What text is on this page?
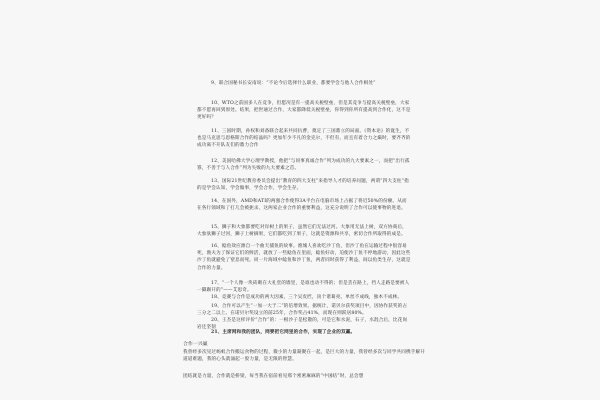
9、联合国秘书长安南说：“不论今后选择什么职业，都要学会与他人合作相处”
10、WTO之前国多人在竞争，但愿况是有一提高关税壁垒，但是其竞争与提高关税壁垒，大家都不愿再回到原处。结果，把世通过合作，大家都降低关税壁垒，你得到你所有提高到合作化，这不是更好吗？
11、三国时期，孙权和刘备联合起来共同抗曹，奠定了三国鼎立的局面。《资本论》的诞生，不也是马克思与恩格斯合作的结晶吗？更加年少不凡的金克尔，不但有，而且有着合力之巅时，要齐齐的成功离不开队友们的鼎力合作
12、美国哈佛大学心理学教授，他把“与同事真诚合作”列为成功的九大要素之一，而把“出行孤寡，不善于与人合作”列为失败的九大要素之首。
13、国际21世纪教育委员会提出“教育的四大支柱”来指导人才的培养问题，两谓“四大支柱”指的是学会认知，学会做事，学会合作，学会生存。
14、在国外，AMD和ATI的两强合作使得3A平台在电脑市场上占据了将近50%的份额。从而在各行领域和了打几会被扼杀，这两家企业合作的重要利益，这充分说明了合作可以使事物的进退。
15、狮子和大象都要吃对岸树上的果子，虽然它们无法过河。大象用无法上树，双方协商后，大象驮狮子过河，狮子上树摘果，它们都吃到了果子，这就是资源和共享，密切合作所取得的成是。
16、鲶鱼效应源自一个曲天捕鱼的故事。渔城人喜欢吃沙丁鱼，但沙丁鱼在运输过程中很容易死，渔夫为了保证它们的鲜活，就放了一些鲶鱼在里面，鲶鱼好动，迫使沙丁鱼不停地游动，因此这些沙丁鱼就避免了窒息而死。同一片海域中鲶鱼和沙丁鱼，两者同时获得了利益，间以鱼类生存，这就是合作的力量。
17、“一个人像一块砖砌在大礼堂的墙里，是谁也动不得的；但是丢在路上，挡人走路是要被人一脚踢开的”——艾思奇。
18、竞赛与合作是成功的两大因素，三个吴皮匠，顶个诸葛亮。单丝不成线，独木不成林。
19、合作可以产生“一加一大于二”的倍增效果。据统计，诺贝尔获奖项目中，因协作获奖的占三分之二以上。在诺贝尔奖设立的前25年，合作奖占41%，而现在则跃居80%。
20、王杰是这样评价“合作”的：一根沙子是松散的，可是它和水泥，石子，水混合后，比花岗岩还坚韧
21、主席网和我的团队，网要把它网里的合作，实现了企业的双赢。
合作一兴赢
我曾经多次见过蚂蚁合作搬运食物的过程，微小的力量凝聚在一起，是巨大的力量，我曾经多次与同学共同携手解开道道难题，我的心头就涌起一股力量，是无限的智慧。
团结就是力量，合作就是桥梁，每当我在宿前看见那个密密麻麻的“中国结”时，总会想
